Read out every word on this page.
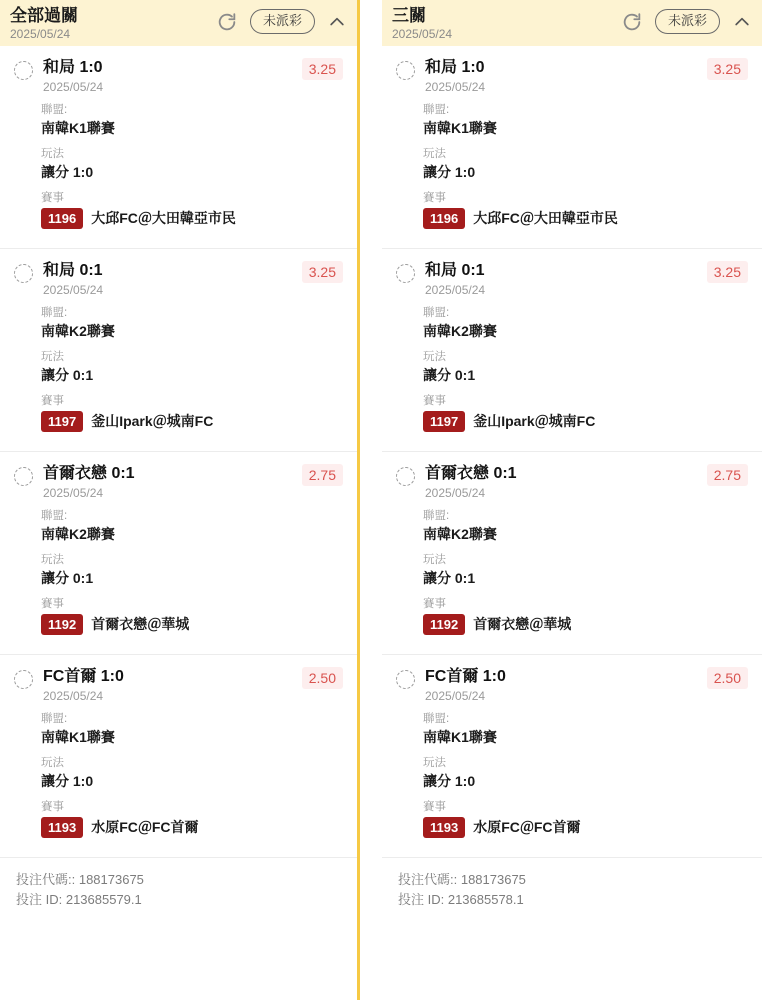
全部過關
2025/05/24
未派彩
和局 1:0
2025/05/24
3.25
聯盟:
南韓K1聯賽
玩法
讓分 1:0
賽事
1196	大邱FC＠大田韓亞市民
和局 0:1
2025/05/24
3.25
聯盟:
南韓K2聯賽
玩法
讓分 0:1
賽事
1197	釜山Ipark＠城南FC
首爾衣戀 0:1
2025/05/24
2.75
聯盟:
南韓K2聯賽
玩法
讓分 0:1
賽事
1192	首爾衣戀＠華城
FC首爾 1:0
2025/05/24
2.50
聯盟:
南韓K1聯賽
玩法
讓分 1:0
賽事
1193	水原FC＠FC首爾
投注代碼:: 188173675
投注 ID: 213685579.1
三關
2025/05/24
未派彩
和局 1:0
2025/05/24
3.25
聯盟:
南韓K1聯賽
玩法
讓分 1:0
賽事
1196	大邱FC＠大田韓亞市民
和局 0:1
2025/05/24
3.25
聯盟:
南韓K2聯賽
玩法
讓分 0:1
賽事
1197	釜山Ipark＠城南FC
首爾衣戀 0:1
2025/05/24
2.75
聯盟:
南韓K2聯賽
玩法
讓分 0:1
賽事
1192	首爾衣戀＠華城
FC首爾 1:0
2025/05/24
2.50
聯盟:
南韓K1聯賽
玩法
讓分 1:0
賽事
1193	水原FC＠FC首爾
投注代碼:: 188173675
投注 ID: 213685578.1
